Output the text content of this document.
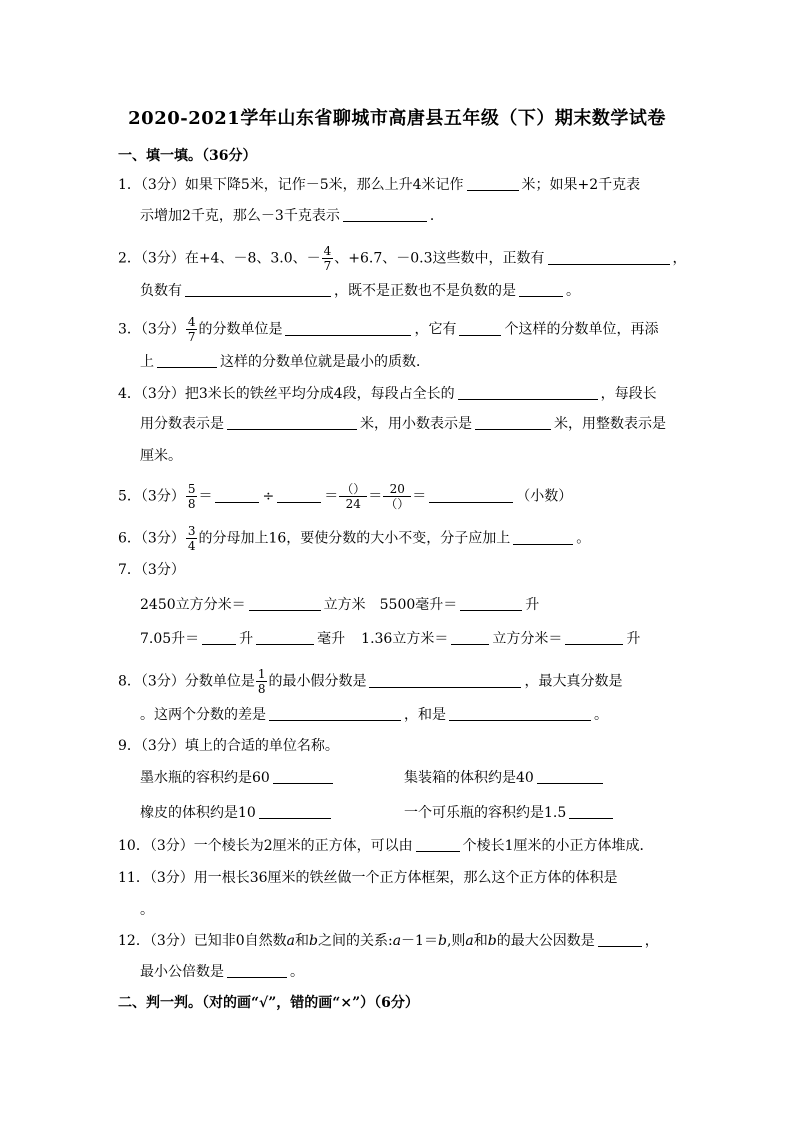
2020-2021学年山东省聊城市高唐县五年级（下）期末数学试卷
一、填一填。（36分）
1．（3分）如果下降5米，记作－5米，那么上升4米记作	米；如果+2千克表
示增加2千克，那么－3千克表示	．
2．（3分）在+4、－8、3.0、－ $\frac{4}{7}$ 、+6.7、－0.3这些数中，正数有	，
负数有	，既不是正数也不是负数的是	。
3．（3分） $\frac{4}{7}$ 的分数单位是	，它有	个这样的分数单位，再添
上	这样的分数单位就是最小的质数．
4．（3分）把3米长的铁丝平均分成4段，每段占全长的	，每段长
用分数表示是	米，用小数表示是	米，用整数表示是
厘米。
5．（3分） $\frac{5}{8}$ ＝	÷	＝ $\frac{()}{24} = \frac{20}{()}$ ＝	（小数）
6．（3分） $\frac{3}{4}$ 的分母加上16，要使分数的大小不变，分子应加上	。
7．（3分）
2450立方分米＝	立方米 5500毫升＝	升
7.05升＝	升	毫升 1.36立方米＝	立方分米＝	升
8．（3分）分数单位是 $\frac{1}{8}$ 的最小假分数是	，最大真分数是
。这两个分数的差是	，和是	。
9．（3分）填上的合适的单位名称。
墨水瓶的容积约是60	集装箱的体积约是40
橡皮的体积约是10	一个可乐瓶的容积约是1.5
10．（3分）一个棱长为2厘米的正方体，可以由	个棱长1厘米的小正方体堆成．
11．（3分）用一根长36厘米的铁丝做一个正方体框架，那么这个正方体的体积是
。
12．（3分）已知非0自然数a和b之间的关系:a－1＝b,则a和b的最大公因数是	，
最小公倍数是	。
二、判一判。（对的画“√”，错的画“×”）（6分）
